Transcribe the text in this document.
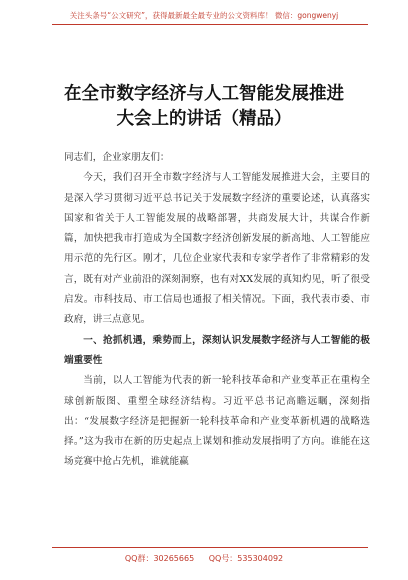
关注头条号“公文研究”，获得最新最全最专业的公文资料库！ 微信：gongwenyj
在全市数字经济与人工智能发展推进
大会上的讲话（精品）

同志们，企业家朋友们：

今天，我们召开全市数字经济与人工智能发展推进大会，主要目的是深入学习贯彻习近平总书记关于发展数字经济的重要论述，认真落实国家和省关于人工智能发展的战略部署，共商发展大计，共谋合作新篇，加快把我市打造成为全国数字经济创新发展的新高地、人工智能应用示范的先行区。刚才，几位企业家代表和专家学者作了非常精彩的发言，既有对产业前沿的深刻洞察，也有对XX发展的真知灼见，听了很受启发。市科技局、市工信局也通报了相关情况。下面，我代表市委、市政府，讲三点意见。

一、抢抓机遇，乘势而上，深刻认识发展数字经济与人工智能的极端重要性

当前，以人工智能为代表的新一轮科技革命和产业变革正在重构全球创新版图、重塑全球经济结构。习近平总书记高瞻远瞩，深刻指出：“发展数字经济是把握新一轮科技革命和产业变革新机遇的战略选择。”这为我市在新的历史起点上谋划和推动发展指明了方向。谁能在这场竞赛中抢占先机，谁就能赢

QQ群：30265665 QQ号：535304092
